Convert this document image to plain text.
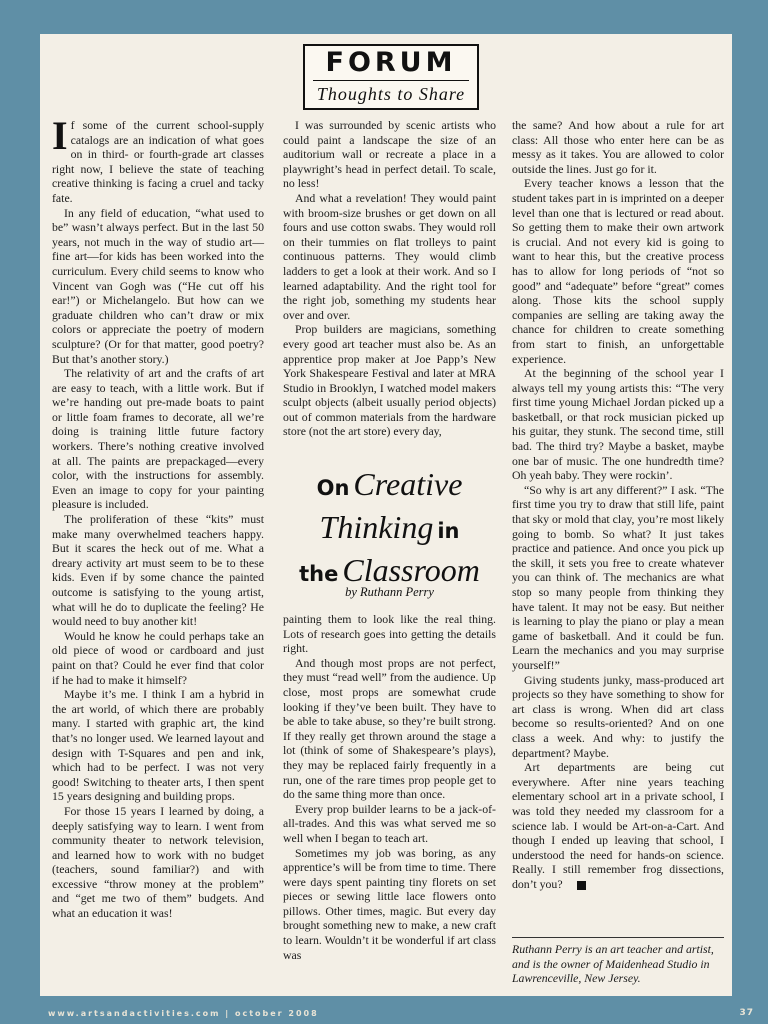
FORUM
Thoughts to Share

If some of the current school-supply catalogs are an indication of what goes on in third- or fourth-grade art classes right now, I believe the state of teaching creative thinking is facing a cruel and tacky fate.

In any field of education, “what used to be” wasn’t always perfect. But in the last 50 years, not much in the way of studio art—fine art—for kids has been worked into the curriculum. Every child seems to know who Vincent van Gogh was (“He cut off his ear!”) or Michelangelo. But how can we graduate children who can’t draw or mix colors or appreciate the poetry of modern sculpture? (Or for that matter, good poetry? But that’s another story.)

The relativity of art and the crafts of art are easy to teach, with a little work. But if we’re handing out pre-made boats to paint or little foam frames to decorate, all we’re doing is training little future factory workers. There’s nothing creative involved at all. The paints are prepackaged—every color, with the instructions for assembly. Even an image to copy for your painting pleasure is included.

The proliferation of these “kits” must make many overwhelmed teachers happy. But it scares the heck out of me. What a dreary activity art must seem to be to these kids. Even if by some chance the painted outcome is satisfying to the young artist, what will he do to duplicate the feeling? He would need to buy another kit!

Would he know he could perhaps take an old piece of wood or cardboard and just paint on that? Could he ever find that color if he had to make it himself?

Maybe it’s me. I think I am a hybrid in the art world, of which there are probably many. I started with graphic art, the kind that’s no longer used. We learned layout and design with T-Squares and pen and ink, which had to be perfect. I was not very good! Switching to theater arts, I then spent 15 years designing and building props.

For those 15 years I learned by doing, a deeply satisfying way to learn. I went from community theater to network television, and learned how to work with no budget (teachers, sound familiar?) and with excessive “throw money at the problem” and “get me two of them” budgets. And what an education it was!

I was surrounded by scenic artists who could paint a landscape the size of an auditorium wall or recreate a place in a playwright’s head in perfect detail. To scale, no less!

And what a revelation! They would paint with broom-size brushes or get down on all fours and use cotton swabs. They would roll on their tummies on flat trolleys to paint continuous patterns. They would climb ladders to get a look at their work. And so I learned adaptability. And the right tool for the right job, something my students hear over and over.

Prop builders are magicians, something every good art teacher must also be. As an apprentice prop maker at Joe Papp’s New York Shakespeare Festival and later at MRA Studio in Brooklyn, I watched model makers sculpt objects (albeit usually period objects) out of common materials from the hardware store (not the art store) every day,

On Creative
Thinking in
the Classroom
by Ruthann Perry

painting them to look like the real thing. Lots of research goes into getting the details right.

And though most props are not perfect, they must “read well” from the audience. Up close, most props are somewhat crude looking if they’ve been built. They have to be able to take abuse, so they’re built strong. If they really get thrown around the stage a lot (think of some of Shakespeare’s plays), they may be replaced fairly frequently in a run, one of the rare times prop people get to do the same thing more than once.

Every prop builder learns to be a jack-of-all-trades. And this was what served me so well when I began to teach art.

Sometimes my job was boring, as any apprentice’s will be from time to time. There were days spent painting tiny florets on set pieces or sewing little lace flowers onto pillows. Other times, magic. But every day brought something new to make, a new craft to learn. Wouldn’t it be wonderful if art class was

the same? And how about a rule for art class: All those who enter here can be as messy as it takes. You are allowed to color outside the lines. Just go for it.

Every teacher knows a lesson that the student takes part in is imprinted on a deeper level than one that is lectured or read about. So getting them to make their own artwork is crucial. And not every kid is going to want to hear this, but the creative process has to allow for long periods of “not so good” and “adequate” before “great” comes along. Those kits the school supply companies are selling are taking away the chance for children to create something from start to finish, an unforgettable experience.

At the beginning of the school year I always tell my young artists this: “The very first time young Michael Jordan picked up a basketball, or that rock musician picked up his guitar, they stunk. The second time, still bad. The third try? Maybe a basket, maybe one bar of music. The one hundredth time? Oh yeah baby. They were rockin’.

“So why is art any different?” I ask. “The first time you try to draw that still life, paint that sky or mold that clay, you’re most likely going to bomb. So what? It just takes practice and patience. And once you pick up the skill, it sets you free to create whatever you can think of. The mechanics are what stop so many people from thinking they have talent. It may not be easy. But neither is learning to play the piano or play a mean game of basketball. And it could be fun. Learn the mechanics and you may surprise yourself!”

Giving students junky, mass-produced art projects so they have something to show for art class is wrong. When did art class become so results-oriented? And on one class a week. And why: to justify the department? Maybe.

Art departments are being cut everywhere. After nine years teaching elementary school art in a private school, I was told they needed my classroom for a science lab. I would be Art-on-a-Cart. And though I ended up leaving that school, I understood the need for hands-on science. Really. I still remember frog dissections, don’t you?

Ruthann Perry is an art teacher and artist, and is the owner of Maidenhead Studio in Lawrenceville, New Jersey.
www.artsandactivities.com | october 2008	37
